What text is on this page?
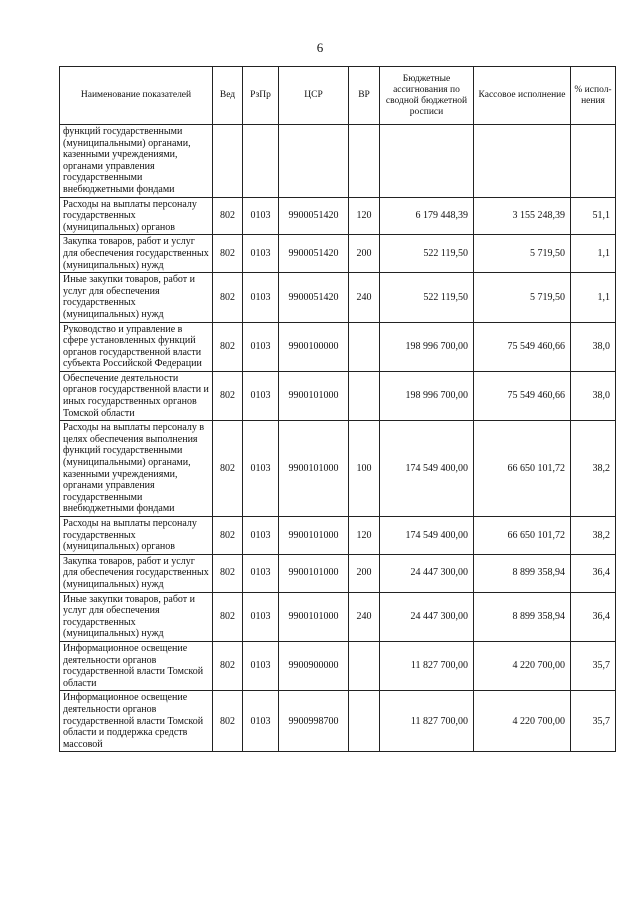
6
Наименование показателей	Вед	РзПр	ЦСР	ВР	Бюджетные ассигнования по сводной бюджетной росписи	Кассовое исполнение	% испол-нения
функций государственными (муниципальными) органами, казенными учреждениями, органами управления государственными внебюджетными фондами							
Расходы на выплаты персоналу государственных (муниципальных) органов	802	0103	9900051420	120	6 179 448,39	3 155 248,39	51,1
Закупка товаров, работ и услуг для обеспечения государственных (муниципальных) нужд	802	0103	9900051420	200	522 119,50	5 719,50	1,1
Иные закупки товаров, работ и услуг для обеспечения государственных (муниципальных) нужд	802	0103	9900051420	240	522 119,50	5 719,50	1,1
Руководство и управление в сфере установленных функций органов государственной власти субъекта Российской Федерации	802	0103	9900100000		198 996 700,00	75 549 460,66	38,0
Обеспечение деятельности органов государственной власти и иных государственных органов Томской области	802	0103	9900101000		198 996 700,00	75 549 460,66	38,0
Расходы на выплаты персоналу в целях обеспечения выполнения функций государственными (муниципальными) органами, казенными учреждениями, органами управления государственными внебюджетными фондами	802	0103	9900101000	100	174 549 400,00	66 650 101,72	38,2
Расходы на выплаты персоналу государственных (муниципальных) органов	802	0103	9900101000	120	174 549 400,00	66 650 101,72	38,2
Закупка товаров, работ и услуг для обеспечения государственных (муниципальных) нужд	802	0103	9900101000	200	24 447 300,00	8 899 358,94	36,4
Иные закупки товаров, работ и услуг для обеспечения государственных (муниципальных) нужд	802	0103	9900101000	240	24 447 300,00	8 899 358,94	36,4
Информационное освещение деятельности органов государственной власти Томской области	802	0103	9900900000		11 827 700,00	4 220 700,00	35,7
Информационное освещение деятельности органов государственной власти Томской области и поддержка средств массовой	802	0103	9900998700		11 827 700,00	4 220 700,00	35,7
